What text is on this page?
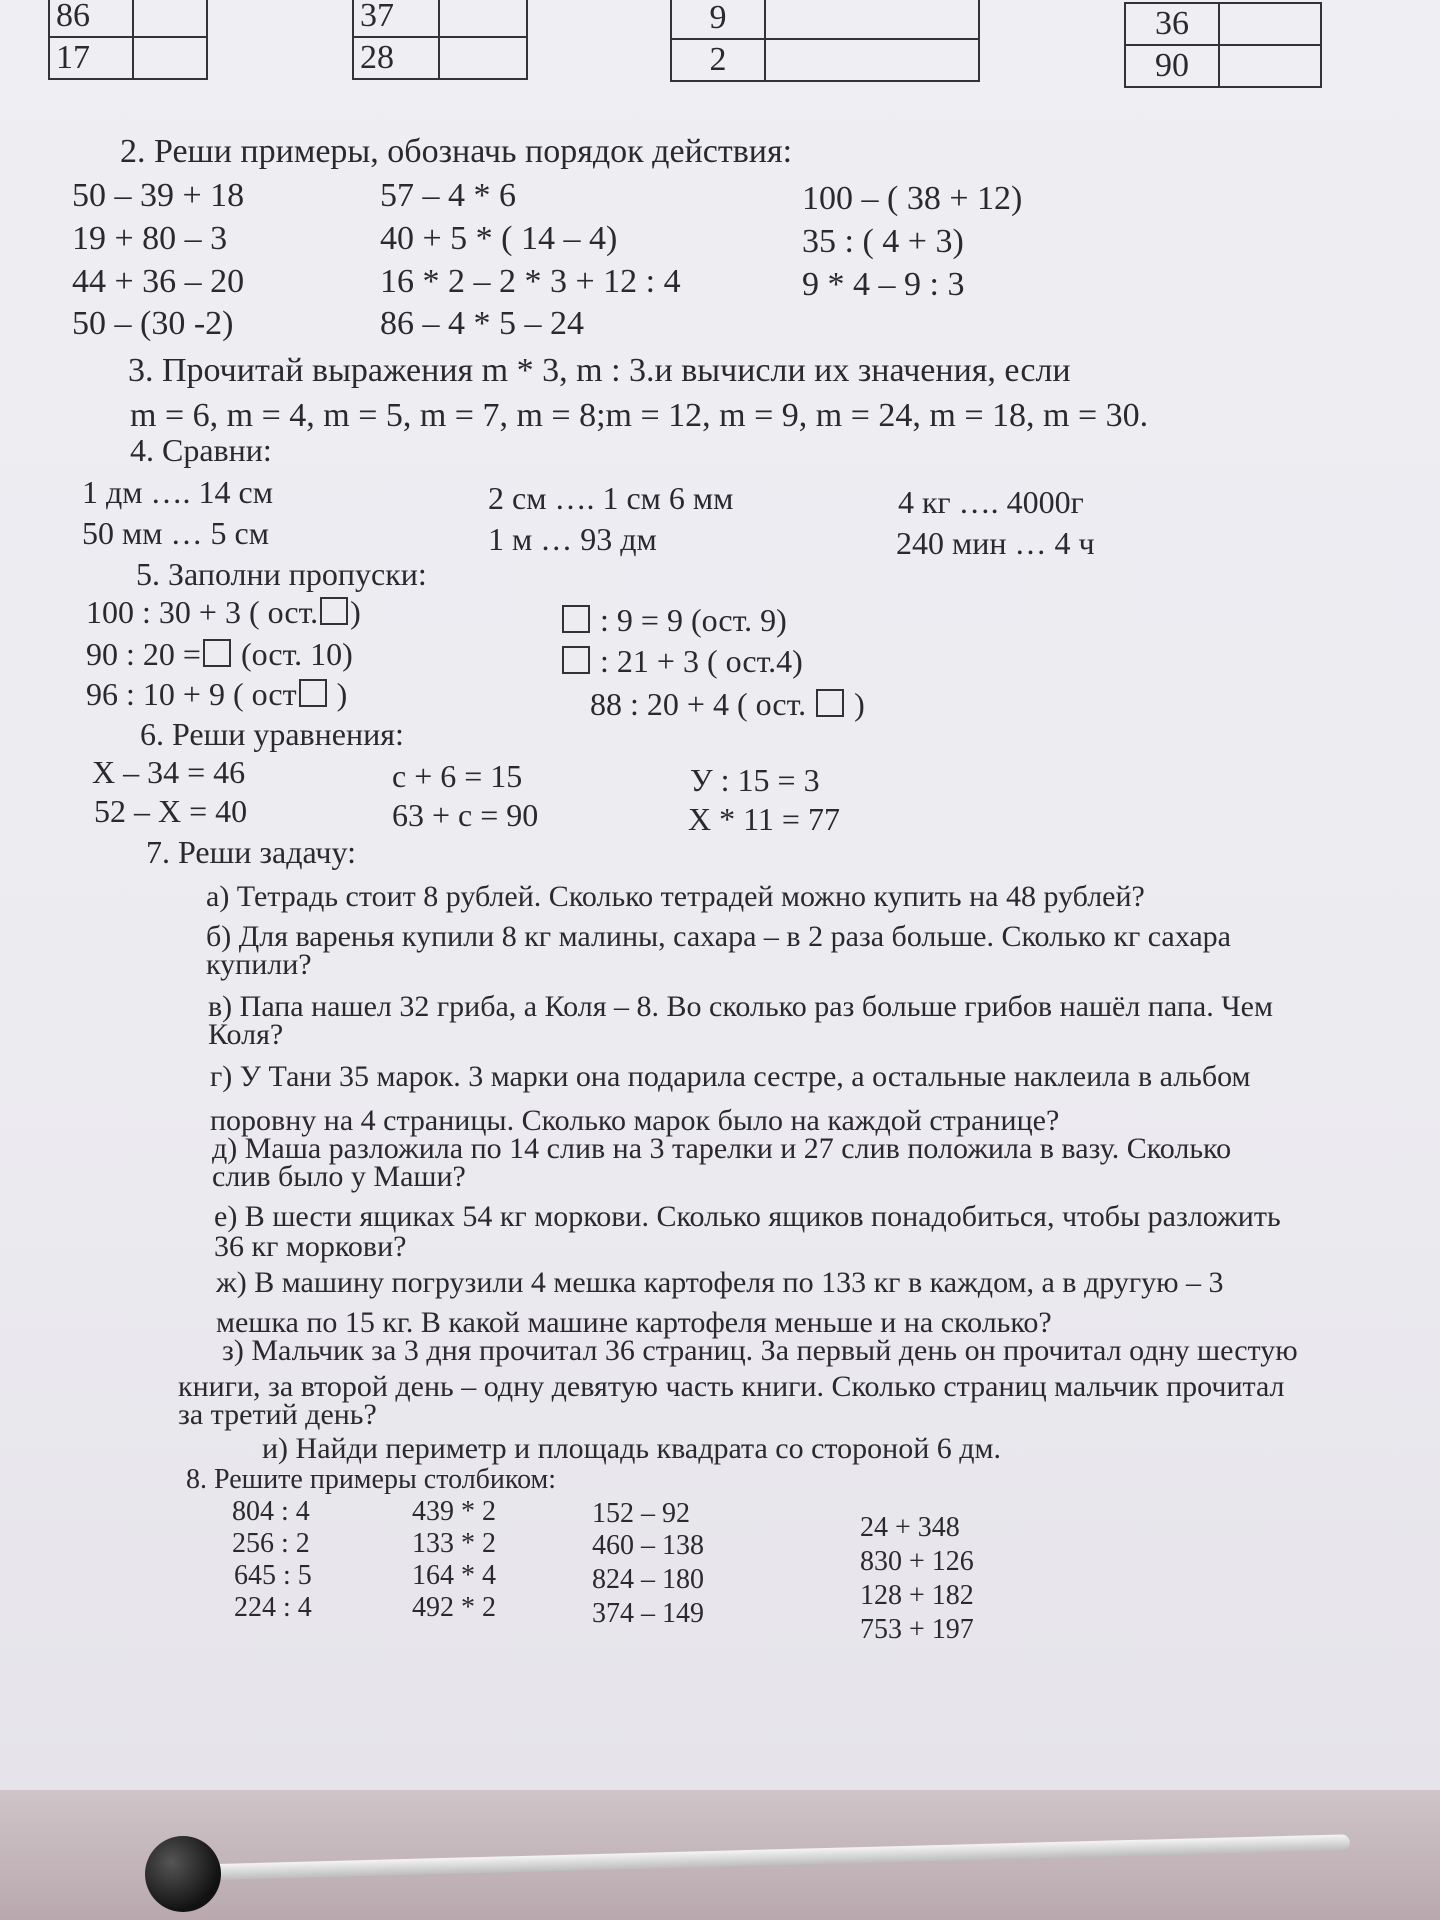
86	
17	
37	
28	
9	
2	
36	
90	
2. Реши примеры, обозначь порядок действия:
50 – 39 + 18
19 + 80 – 3
44 + 36 – 20
50 – (30 -2)
57 – 4 * 6
40 + 5 * ( 14 – 4)
16 * 2 – 2 * 3 + 12 : 4
86 – 4 * 5 – 24
100 – ( 38 + 12)
35 : ( 4 + 3)
9 * 4 – 9 : 3
3. Прочитай выражения m * 3, m : 3.и вычисли их значения, если
m = 6, m = 4, m = 5, m = 7, m = 8;m = 12, m = 9, m = 24, m = 18, m = 30.
4. Сравни:
1 дм …. 14 см
50 мм … 5 см
2 см …. 1 см 6 мм
1 м … 93 дм
4 кг …. 4000г
240 мин … 4 ч
5. Заполни пропуски:
100 : 30 + 3 ( ост. )
90 : 20 = (ост. 10)
96 : 10 + 9 ( ост )
: 9 = 9 (ост. 9)
: 21 + 3 ( ост.4)
88 : 20 + 4 ( ост.  )
6. Реши уравнения:
Х – 34 = 46
52 – Х = 40
с + 6 = 15
63 + с = 90
У : 15 = 3
Х * 11 = 77
7. Реши задачу:
а) Тетрадь стоит 8 рублей. Сколько тетрадей можно купить на 48 рублей?
б) Для варенья купили 8 кг малины, сахара – в 2 раза больше. Сколько кг сахара
купили?
в) Папа нашел 32 гриба, а Коля – 8. Во сколько раз больше грибов нашёл папа. Чем
Коля?
г) У Тани 35 марок. 3 марки она подарила сестре, а остальные наклеила в альбом
поровну на 4 страницы. Сколько марок было на каждой странице?
д) Маша разложила по 14 слив на 3 тарелки и 27 слив положила в вазу. Сколько
слив было у Маши?
е) В шести ящиках 54 кг моркови. Сколько ящиков понадобиться, чтобы разложить
36 кг моркови?
ж) В машину погрузили 4 мешка картофеля по 133 кг в каждом, а в другую – 3
мешка по 15 кг. В какой машине картофеля меньше и на сколько?
з) Мальчик за 3 дня прочитал 36 страниц. За первый день он прочитал одну шестую
книги, за второй день – одну девятую часть книги. Сколько страниц мальчик прочитал
за третий день?
и) Найди периметр и площадь квадрата со стороной 6 дм.
8. Решите примеры столбиком:
804 : 4
256 : 2
645 : 5
224 : 4
439 * 2
133 * 2
164 * 4
492 * 2
152 – 92
460 – 138
824 – 180
374 – 149
24 + 348
830 + 126
128 + 182
753 + 197
